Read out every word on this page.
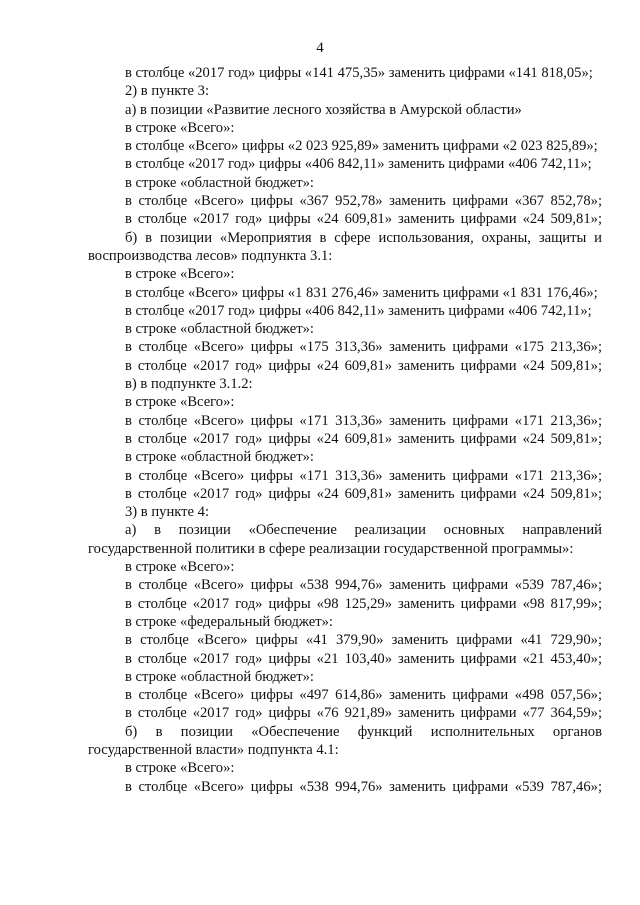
4

в столбце «2017 год» цифры «141 475,35» заменить цифрами «141 818,05»;

2) в пункте 3:

а) в позиции «Развитие лесного хозяйства в Амурской области»

в строке «Всего»:

в столбце «Всего» цифры «2 023 925,89» заменить цифрами «2 023 825,89»;

в столбце «2017 год» цифры «406 842,11» заменить цифрами «406 742,11»;

в строке «областной бюджет»:

в столбце «Всего» цифры «367 952,78» заменить цифрами «367 852,78»;

в столбце «2017 год» цифры «24 609,81» заменить цифрами «24 509,81»;

б) в позиции «Мероприятия в сфере использования, охраны, защиты и воспроизводства лесов» подпункта 3.1:

в строке «Всего»:

в столбце «Всего» цифры «1 831 276,46» заменить цифрами «1 831 176,46»;

в столбце «2017 год» цифры «406 842,11» заменить цифрами «406 742,11»;

в строке «областной бюджет»:

в столбце «Всего» цифры «175 313,36» заменить цифрами «175 213,36»;

в столбце «2017 год» цифры «24 609,81» заменить цифрами «24 509,81»;

в) в подпункте 3.1.2:

в строке «Всего»:

в столбце «Всего» цифры «171 313,36» заменить цифрами «171 213,36»;

в столбце «2017 год» цифры «24 609,81» заменить цифрами «24 509,81»;

в строке «областной бюджет»:

в столбце «Всего» цифры «171 313,36» заменить цифрами «171 213,36»;

в столбце «2017 год» цифры «24 609,81» заменить цифрами «24 509,81»;

3) в пункте 4:

а) в позиции «Обеспечение реализации основных направлений государственной политики в сфере реализации государственной программы»:

в строке «Всего»:

в столбце «Всего» цифры «538 994,76» заменить цифрами «539 787,46»;

в столбце «2017 год» цифры «98 125,29» заменить цифрами «98 817,99»;

в строке «федеральный бюджет»:

в столбце «Всего» цифры «41 379,90» заменить цифрами «41 729,90»;

в столбце «2017 год» цифры «21 103,40» заменить цифрами «21 453,40»;

в строке «областной бюджет»:

в столбце «Всего» цифры «497 614,86» заменить цифрами «498 057,56»;

в столбце «2017 год» цифры «76 921,89» заменить цифрами «77 364,59»;

б) в позиции «Обеспечение функций исполнительных органов государственной власти» подпункта 4.1:

в строке «Всего»:

в столбце «Всего» цифры «538 994,76» заменить цифрами «539 787,46»;
